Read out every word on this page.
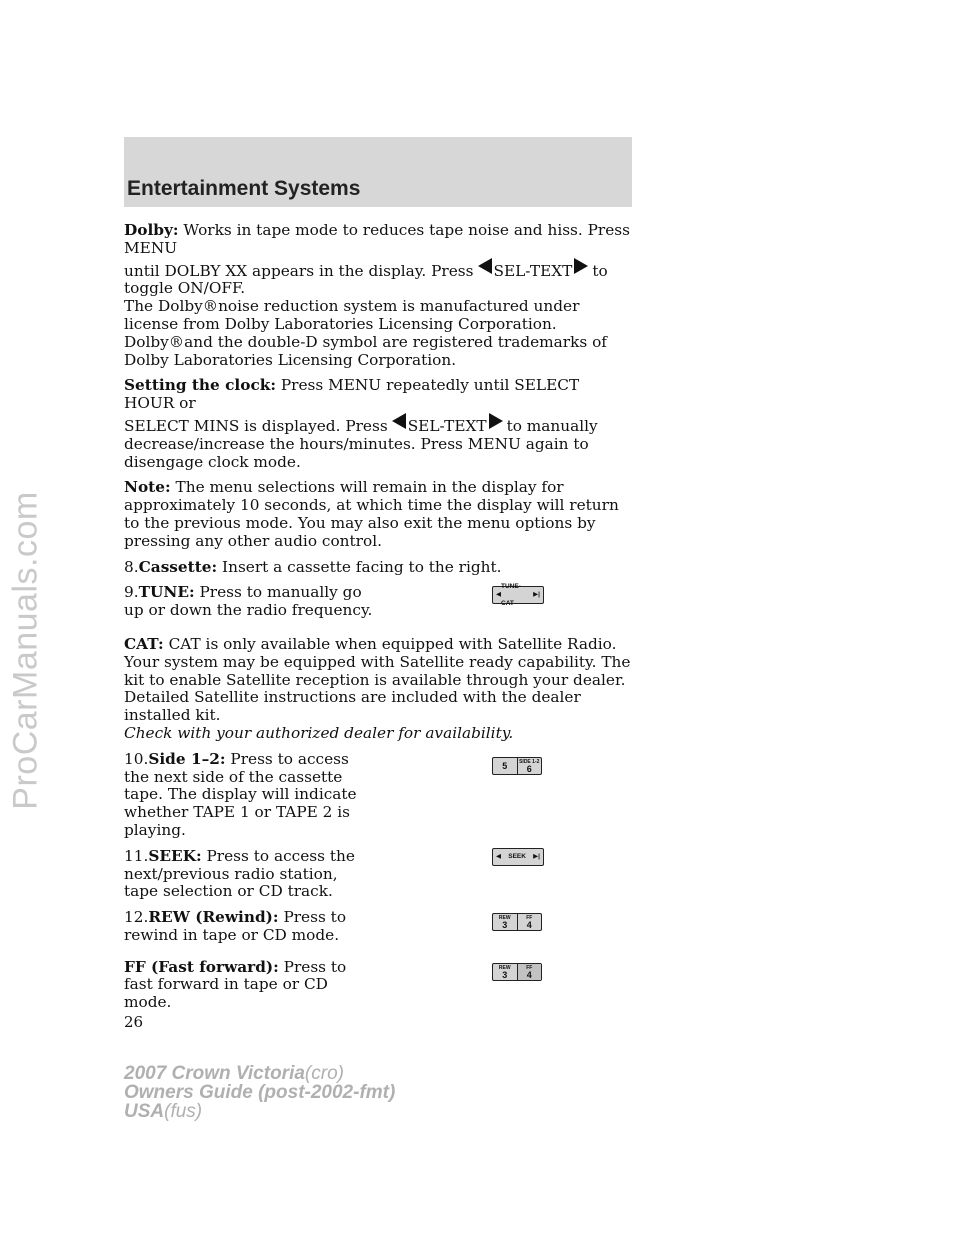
ProCarManuals.com
Entertainment Systems

Dolby: Works in tape mode to reduces tape noise and hiss. Press MENU
until DOLBY XX appears in the display. Press SEL-TEXT to
toggle ON/OFF.

The Dolby®noise reduction system is manufactured under license from Dolby Laboratories Licensing Corporation. Dolby®and the double-D symbol are registered trademarks of Dolby Laboratories Licensing Corporation.

Setting the clock: Press MENU repeatedly until SELECT HOUR or
SELECT MINS is displayed. Press SEL-TEXT to manually
decrease/increase the hours/minutes. Press MENU again to disengage clock mode.

Note: The menu selections will remain in the display for approximately 10 seconds, at which time the display will return to the previous mode. You may also exit the menu options by pressing any other audio control.

8.Cassette: Insert a cassette facing to the right.

9.TUNE: Press to manually go up or down the radio frequency.
◀
TUNE-CAT
▶|

CAT: CAT is only available when equipped with Satellite Radio. Your system may be equipped with Satellite ready capability. The kit to enable Satellite reception is available through your dealer. Detailed Satellite instructions are included with the dealer installed kit.

Check with your authorized dealer for availability.

10.Side 1–2: Press to access the next side of the cassette tape. The display will indicate whether TAPE 1 or TAPE 2 is playing.
5 SIDE 1-2
6
11.SEEK: Press to access the next/previous radio station, tape selection or CD track.
◀ SEEK ▶|
12.REW (Rewind): Press to rewind in tape or CD mode.
REW
3
FF
4
FF (Fast forward): Press to fast forward in tape or CD mode.
REW
3
FF
4
26
2007 Crown Victoria(cro)
Owners Guide (post-2002-fmt)
USA(fus)
